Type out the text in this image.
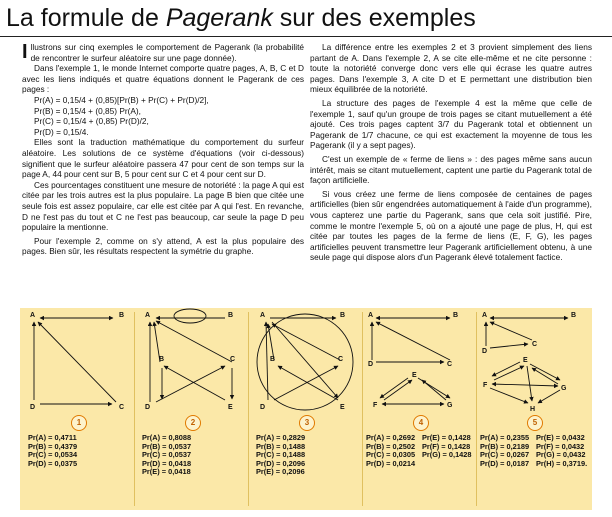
La formule de Pagerank sur des exemples

Illustrons sur cinq exemples le comportement de Pagerank (la probabilité de rencontrer le surfeur aléatoire sur une page donnée).

Dans l'exemple 1, le monde Internet comporte quatre pages, A, B, C et D avec les liens indiqués et quatre équations donnent le Pagerank de ces pages :

Pr(A) = 0,15/4 + (0,85)[Pr(B) + Pr(C) + Pr(D)/2],

Pr(B) = 0,15/4 + (0,85) Pr(A),

Pr(C) = 0,15/4 + (0,85) Pr(D)/2,

Pr(D) = 0,15/4.

Elles sont la traduction mathématique du comportement du surfeur aléatoire. Les solutions de ce système d'équations (voir ci-dessous) signifient que le surfeur aléatoire passera 47 pour cent de son temps sur la page A, 44 pour cent sur B, 5 pour cent sur C et 4 pour cent sur D.

Ces pourcentages constituent une mesure de notoriété : la page A qui est citée par les trois autres est la plus populaire. La page B bien que citée une seule fois est assez populaire, car elle est citée par A qui l'est. En revanche, D ne l'est pas du tout et C ne l'est pas beaucoup, car seule la page D peu populaire la mentionne.

Pour l'exemple 2, comme on s'y attend, A est la plus populaire des pages. Bien sûr, les résultats respectent la symétrie du graphe.

La différence entre les exemples 2 et 3 provient simplement des liens partant de A. Dans l'exemple 2, A se cite elle-même et ne cite personne : toute la notoriété converge donc vers elle qui écrase les quatre autres pages. Dans l'exemple 3, A cite D et E permettant une distribution bien mieux équilibrée de la notoriété.

La structure des pages de l'exemple 4 est la même que celle de l'exemple 1, sauf qu'un groupe de trois pages se citant mutuellement a été ajouté. Ces trois pages captent 3/7 du Pagerank total et obtiennent un Pagerank de 1/7 chacune, ce qui est exactement la moyenne de tous les Pagerank (il y a sept pages).

C'est un exemple de « ferme de liens » : des pages même sans aucun intérêt, mais se citant mutuellement, captent une partie du Pagerank total de façon artificielle.

Si vous créez une ferme de liens composée de centaines de pages artificielles (bien sûr engendrées automatiquement à l'aide d'un programme), vous capterez une partie du Pagerank, sans que cela soit justifié. Pire, comme le montre l'exemple 5, où on a ajouté une page de plus, H, qui est citée par toutes les pages de la ferme de liens (E, F, G), les pages artificielles peuvent transmettre leur Pagerank artificiellement obtenu, à une seule page qui dispose alors d'un Pagerank élevé totalement factice.

A	B
C
D
A	B
B	C
D	E
A	B
B	C
D	E
A	B
D	C
E
F	G
A	B
C
D
E
F	G
H
1	2	3	4	5
Pr(A) = 0,4711
Pr(B) = 0,4379
Pr(C) = 0,0534
Pr(D) = 0,0375
Pr(A) = 0,8088
Pr(B) = 0,0537
Pr(C) = 0,0537
Pr(D) = 0,0418
Pr(E) = 0,0418
Pr(A) = 0,2829
Pr(B) = 0,1488
Pr(C) = 0,1488
Pr(D) = 0,2096
Pr(E) = 0,2096
Pr(A) = 0,2692
Pr(B) = 0,2502
Pr(C) = 0,0305
Pr(D) = 0,0214
Pr(E) = 0,1428
Pr(F) = 0,1428
Pr(G) = 0,1428
Pr(A) = 0,2355
Pr(B) = 0,2189
Pr(C) = 0,0267
Pr(D) = 0,0187
Pr(E) = 0,0432
Pr(F) = 0,0432
Pr(G) = 0,0432
Pr(H) = 0,3719.
